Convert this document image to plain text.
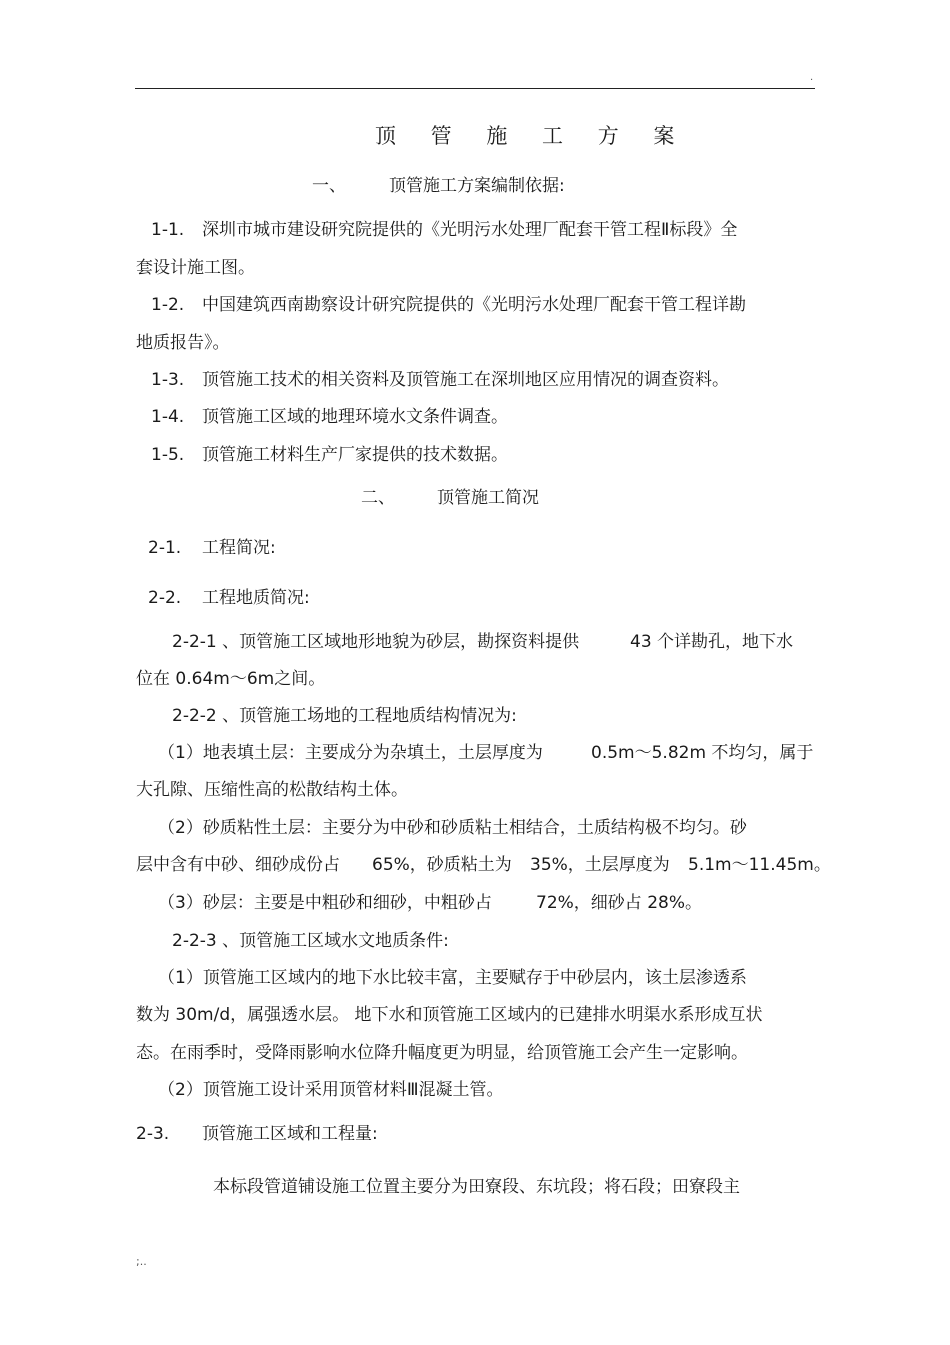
.
顶 管 施 工 方 案
一、	顶管施工方案编制依据:
1-1. 深圳市城市建设研究院提供的《光明污水处理厂配套干管工程Ⅱ标段》全
套设计施工图。
1-2. 中国建筑西南勘察设计研究院提供的《光明污水处理厂配套干管工程详勘
地质报告》。
1-3. 顶管施工技术的相关资料及顶管施工在深圳地区应用情况的调查资料。
1-4. 顶管施工区域的地理环境水文条件调查。
1-5. 顶管施工材料生产厂家提供的技术数据。
二、 顶管施工简况
2-1. 工程简况:
2-2. 工程地质简况:
2-2-1 、顶管施工区域地形地貌为砂层，勘探资料提供	43 个详勘孔，地下水
位在 0.64m～6m之间。
2-2-2 、顶管施工场地的工程地质结构情况为:
（1）地表填土层：主要成分为杂填土，土层厚度为	0.5m～5.82m 不均匀，属于
大孔隙、压缩性高的松散结构土体。
（2）砂质粘性土层：主要分为中砂和砂质粘土相结合，土质结构极不均匀。砂
层中含有中砂、细砂成份占 65%，砂质粘土为 35%，土层厚度为 5.1m～11.45m。
（3）砂层：主要是中粗砂和细砂，中粗砂占	72%，细砂占 28%。
2-2-3 、顶管施工区域水文地质条件:
（1）顶管施工区域内的地下水比较丰富，主要赋存于中砂层内，该土层渗透系
数为 30m/d，属强透水层。 地下水和顶管施工区域内的已建排水明渠水系形成互状
态。在雨季时，受降雨影响水位降升幅度更为明显，给顶管施工会产生一定影响。
（2）顶管施工设计采用顶管材料Ⅲ混凝土管。
2-3. 顶管施工区域和工程量:
本标段管道铺设施工位置主要分为田寮段、东坑段；将石段；田寮段主
;..
